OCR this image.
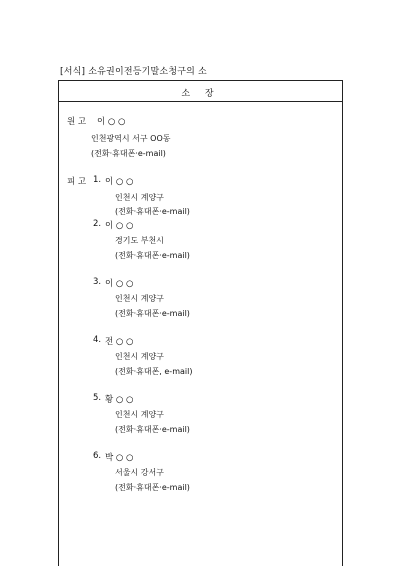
[서식] 소유권이전등기말소청구의 소
소 장
원 고 이 ○ ○
인천광역시 서구 OO동
(전화·휴대폰·e-mail)
피 고 1. 이 ○ ○
인천시 계양구
(전화·휴대폰·e-mail)
2. 이 ○ ○
경기도 부천시
(전화·휴대폰·e-mail)
3. 이 ○ ○
인천시 계양구
(전화·휴대폰·e-mail)
4. 전 ○ ○
인천시 계양구
(전화·휴대폰, e-mail)
5. 황 ○ ○
인천시 계양구
(전화·휴대폰·e-mail)
6. 박 ○ ○
서울시 강서구
(전화·휴대폰·e-mail)
